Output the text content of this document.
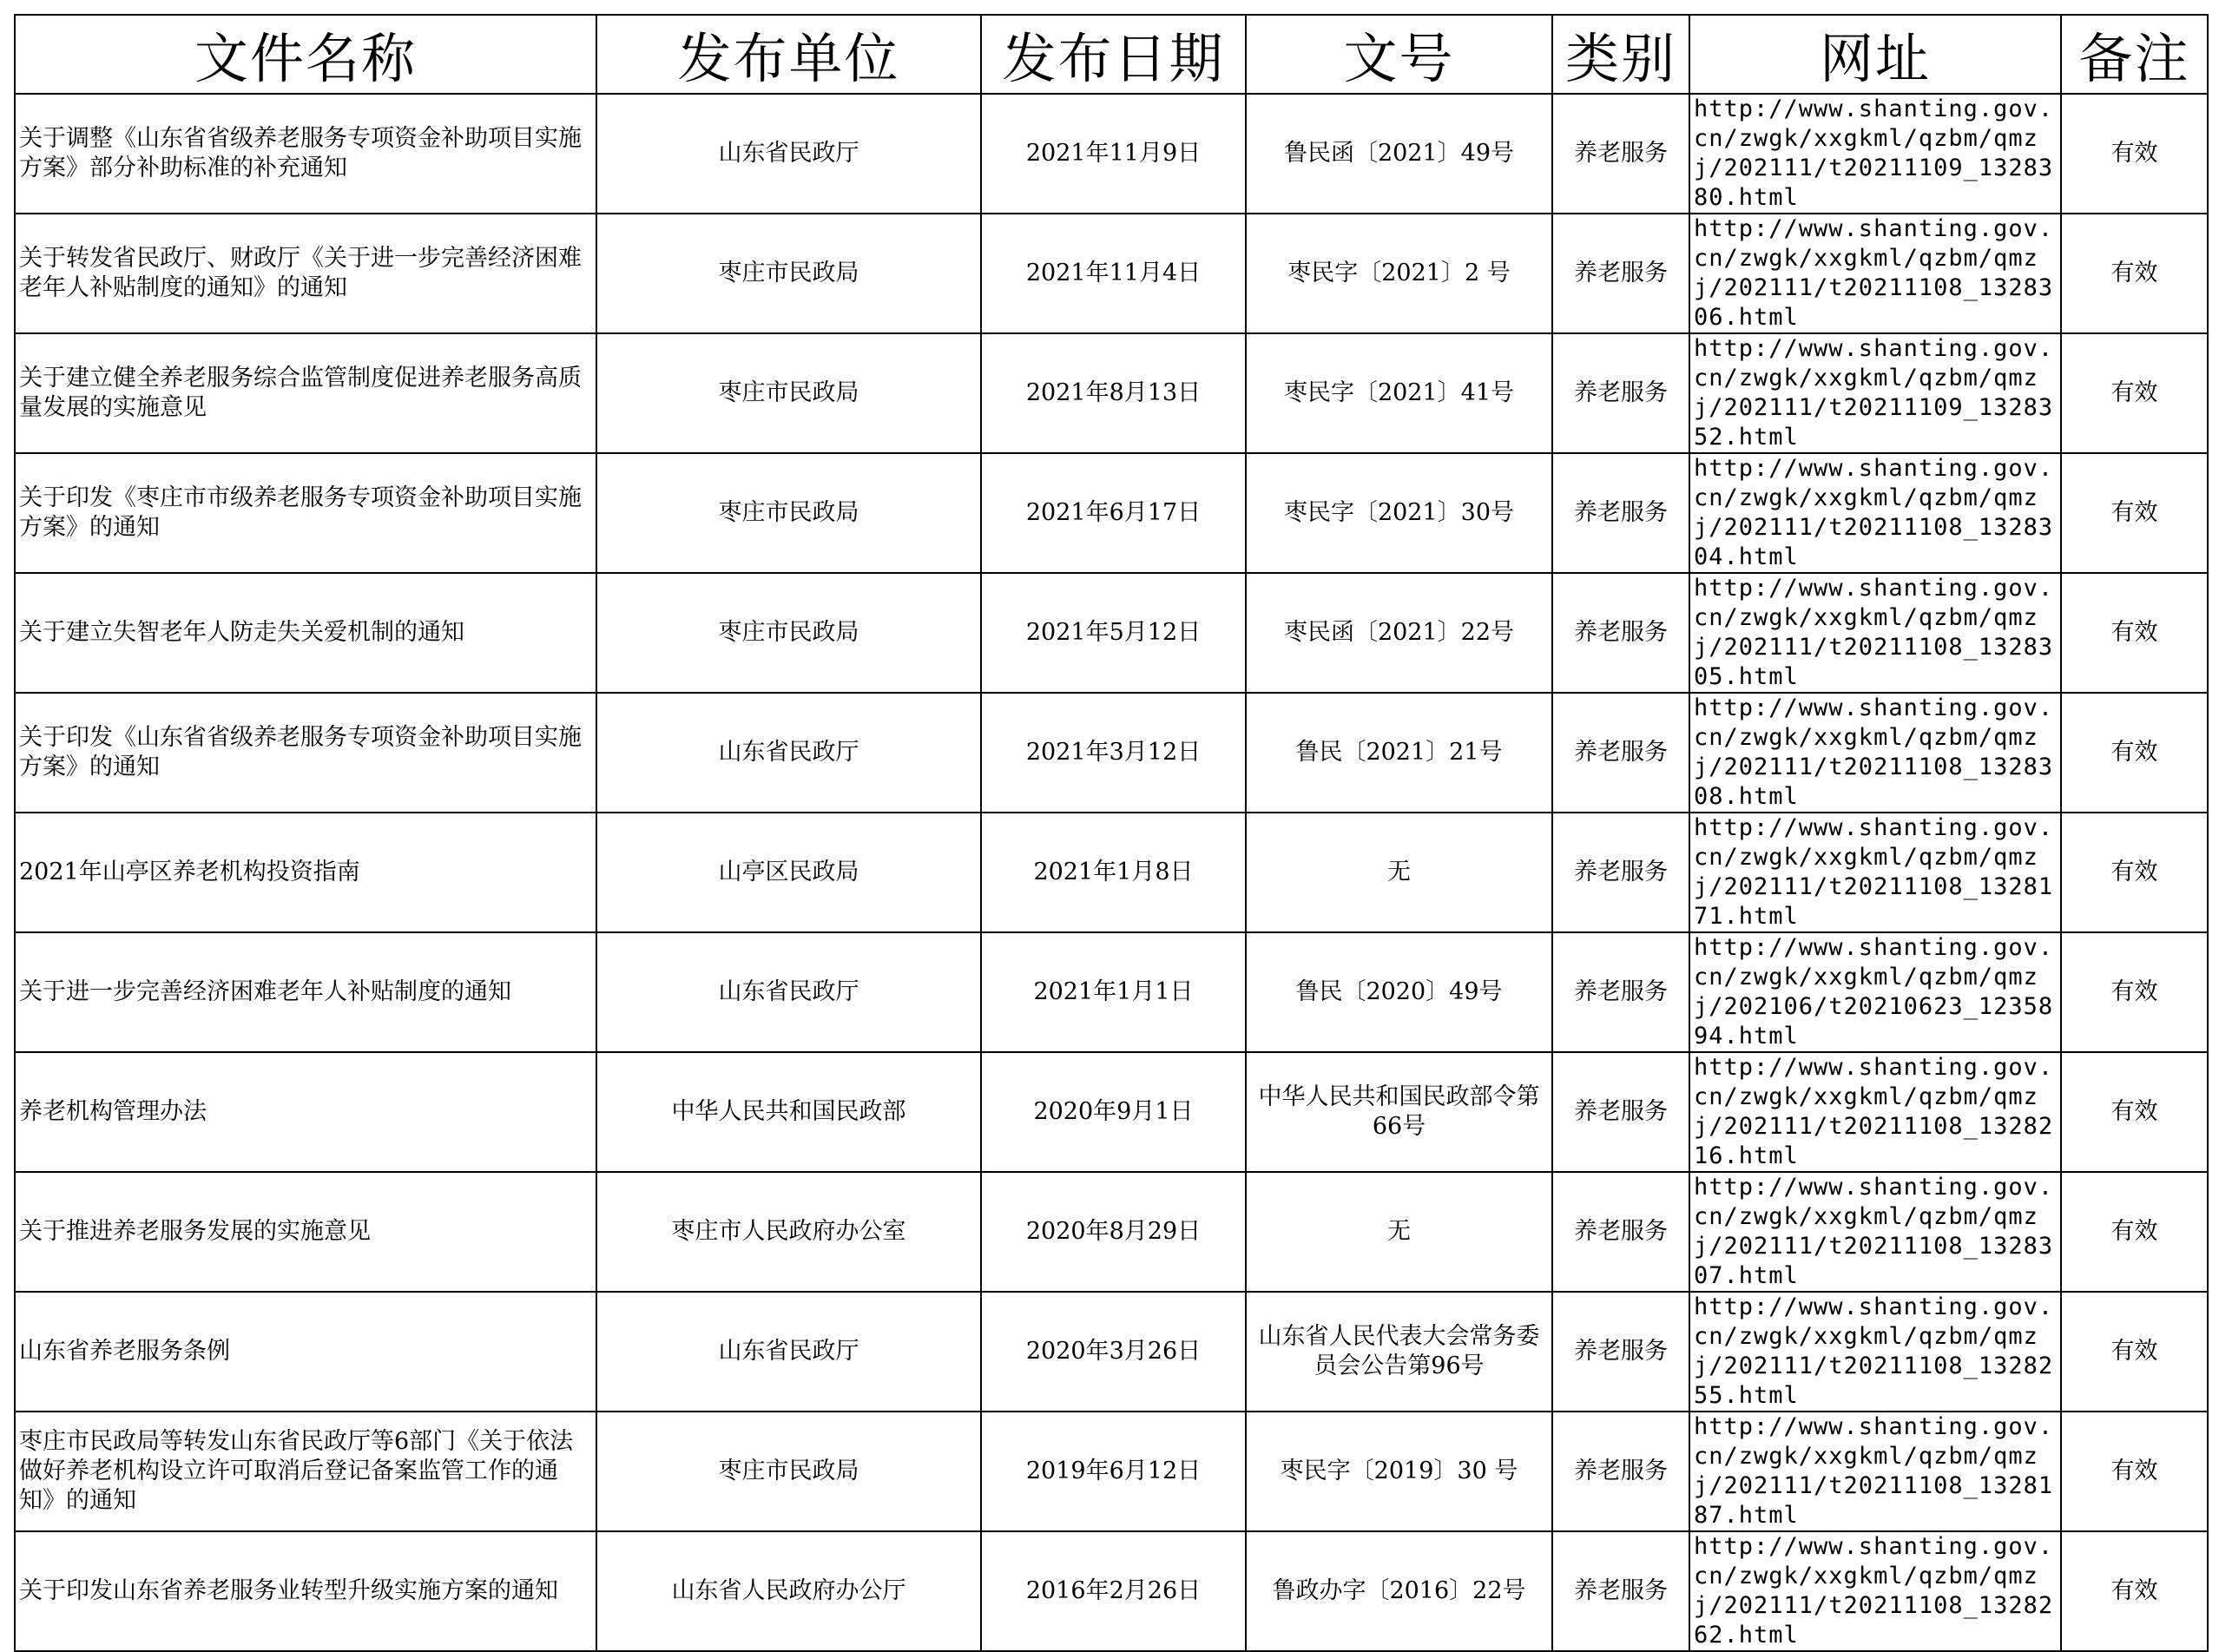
文件名称	发布单位	发布日期	文号	类别	网址	备注
关于调整《山东省省级养老服务专项资金补助项目实施方案》部分补助标准的补充通知	山东省民政厅	2021年11月9日	鲁民函〔2021〕49号	养老服务	http://www.shanting.gov.cn/zwgk/xxgkml/qzbm/qmzj/202111/t20211109_1328380.html	有效
关于转发省民政厅、财政厅《关于进一步完善经济困难老年人补贴制度的通知》的通知	枣庄市民政局	2021年11月4日	枣民字〔2021〕2 号	养老服务	http://www.shanting.gov.cn/zwgk/xxgkml/qzbm/qmzj/202111/t20211108_1328306.html	有效
关于建立健全养老服务综合监管制度促进养老服务高质量发展的实施意见	枣庄市民政局	2021年8月13日	枣民字〔2021〕41号	养老服务	http://www.shanting.gov.cn/zwgk/xxgkml/qzbm/qmzj/202111/t20211109_1328352.html	有效
关于印发《枣庄市市级养老服务专项资金补助项目实施方案》的通知	枣庄市民政局	2021年6月17日	枣民字〔2021〕30号	养老服务	http://www.shanting.gov.cn/zwgk/xxgkml/qzbm/qmzj/202111/t20211108_1328304.html	有效
关于建立失智老年人防走失关爱机制的通知	枣庄市民政局	2021年5月12日	枣民函〔2021〕22号	养老服务	http://www.shanting.gov.cn/zwgk/xxgkml/qzbm/qmzj/202111/t20211108_1328305.html	有效
关于印发《山东省省级养老服务专项资金补助项目实施方案》的通知	山东省民政厅	2021年3月12日	鲁民〔2021〕21号	养老服务	http://www.shanting.gov.cn/zwgk/xxgkml/qzbm/qmzj/202111/t20211108_1328308.html	有效
2021年山亭区养老机构投资指南	山亭区民政局	2021年1月8日	无	养老服务	http://www.shanting.gov.cn/zwgk/xxgkml/qzbm/qmzj/202111/t20211108_1328171.html	有效
关于进一步完善经济困难老年人补贴制度的通知	山东省民政厅	2021年1月1日	鲁民〔2020〕49号	养老服务	http://www.shanting.gov.cn/zwgk/xxgkml/qzbm/qmzj/202106/t20210623_1235894.html	有效
养老机构管理办法	中华人民共和国民政部	2020年9月1日	中华人民共和国民政部令第66号	养老服务	http://www.shanting.gov.cn/zwgk/xxgkml/qzbm/qmzj/202111/t20211108_1328216.html	有效
关于推进养老服务发展的实施意见	枣庄市人民政府办公室	2020年8月29日	无	养老服务	http://www.shanting.gov.cn/zwgk/xxgkml/qzbm/qmzj/202111/t20211108_1328307.html	有效
山东省养老服务条例	山东省民政厅	2020年3月26日	山东省人民代表大会常务委员会公告第96号	养老服务	http://www.shanting.gov.cn/zwgk/xxgkml/qzbm/qmzj/202111/t20211108_1328255.html	有效
枣庄市民政局等转发山东省民政厅等6部门《关于依法做好养老机构设立许可取消后登记备案监管工作的通知》的通知	枣庄市民政局	2019年6月12日	枣民字〔2019〕30 号	养老服务	http://www.shanting.gov.cn/zwgk/xxgkml/qzbm/qmzj/202111/t20211108_1328187.html	有效
关于印发山东省养老服务业转型升级实施方案的通知	山东省人民政府办公厅	2016年2月26日	鲁政办字〔2016〕22号	养老服务	http://www.shanting.gov.cn/zwgk/xxgkml/qzbm/qmzj/202111/t20211108_1328262.html	有效
